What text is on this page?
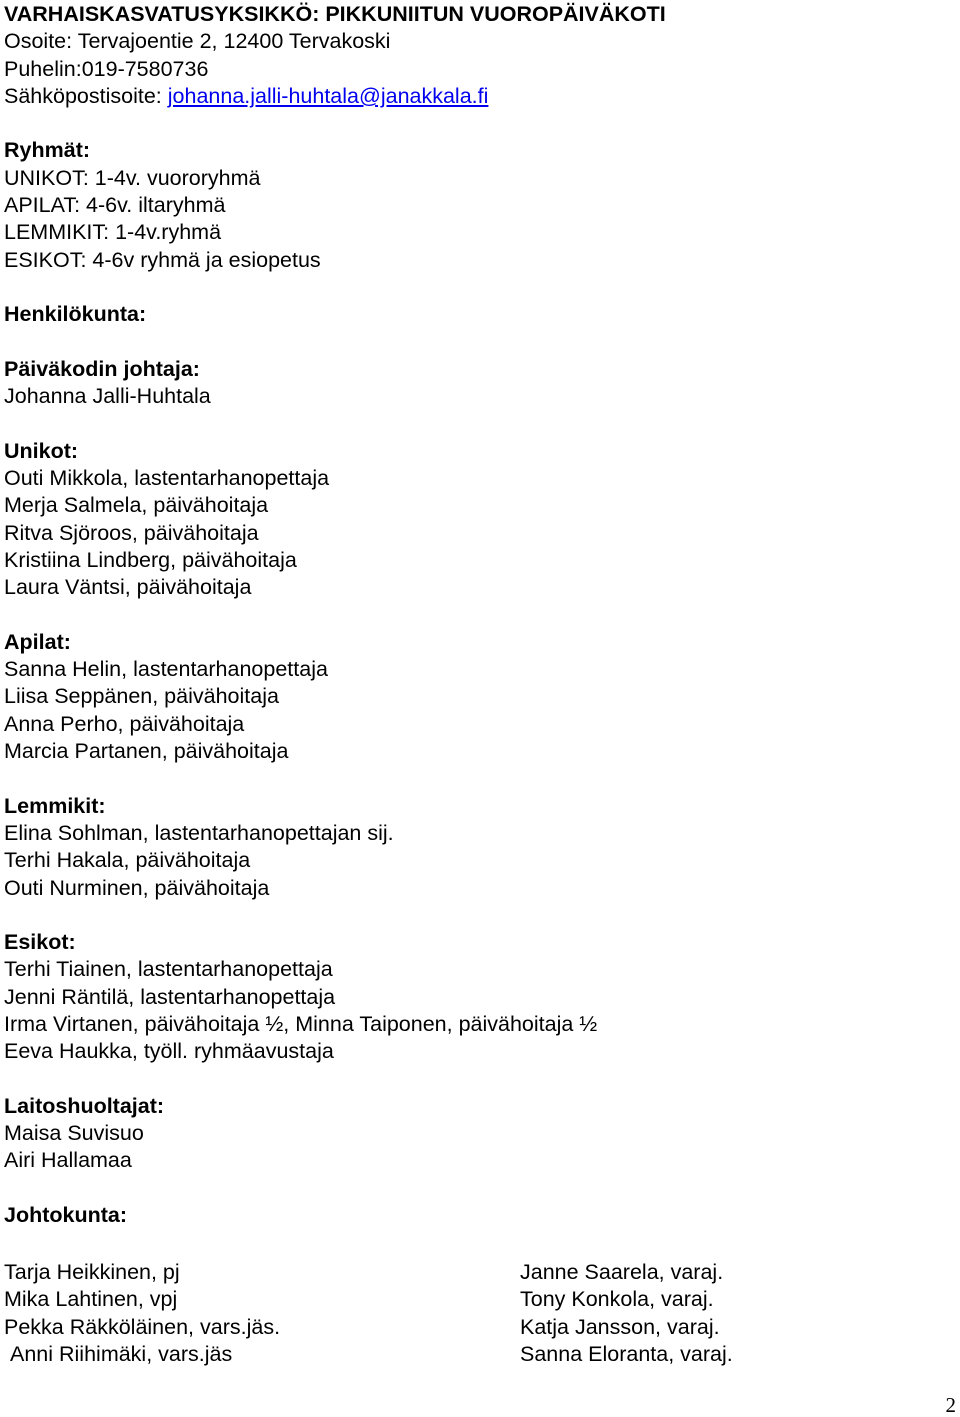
VARHAISKASVATUSYKSIKKÖ: PIKKUNIITUN VUOROPÄIVÄKOTI
Osoite: Tervajoentie 2, 12400 Tervakoski
Puhelin:019-7580736
Sähköpostisoite: johanna.jalli-huhtala@janakkala.fi
Ryhmät:
UNIKOT: 1-4v. vuororyhmä
APILAT: 4-6v. iltaryhmä
LEMMIKIT: 1-4v.ryhmä
ESIKOT: 4-6v ryhmä ja esiopetus
Henkilökunta:
Päiväkodin johtaja:
Johanna Jalli-Huhtala
Unikot:
Outi Mikkola, lastentarhanopettaja
Merja Salmela, päivähoitaja
Ritva Sjöroos, päivähoitaja
Kristiina Lindberg, päivähoitaja
Laura Väntsi, päivähoitaja
Apilat:
Sanna Helin, lastentarhanopettaja
Liisa Seppänen, päivähoitaja
Anna Perho, päivähoitaja
Marcia Partanen, päivähoitaja
Lemmikit:
Elina Sohlman, lastentarhanopettajan sij.
Terhi Hakala, päivähoitaja
Outi Nurminen, päivähoitaja
Esikot:
Terhi Tiainen, lastentarhanopettaja
Jenni Räntilä, lastentarhanopettaja
Irma Virtanen, päivähoitaja ½, Minna Taiponen, päivähoitaja ½
Eeva Haukka, työll. ryhmäavustaja
Laitoshuoltajat:
Maisa Suvisuo
Airi Hallamaa
Johtokunta:
Tarja Heikkinen, pj	Janne Saarela, varaj.
Mika Lahtinen, vpj	Tony Konkola, varaj.
Pekka Räkköläinen, vars.jäs.	Katja Jansson, varaj.
Anni Riihimäki, vars.jäs	Sanna Eloranta, varaj.
2
